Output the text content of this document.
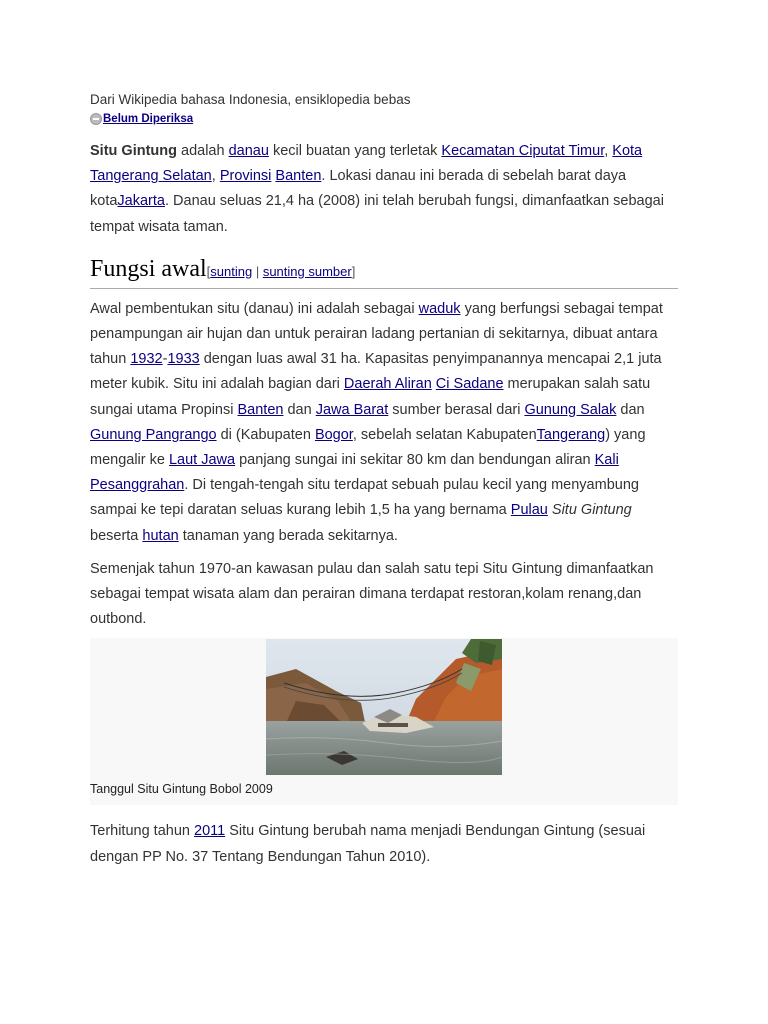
Dari Wikipedia bahasa Indonesia, ensiklopedia bebas
Belum Diperiksa

Situ Gintung adalah danau kecil buatan yang terletak Kecamatan Ciputat Timur, Kota Tangerang Selatan, Provinsi Banten. Lokasi danau ini berada di sebelah barat daya kotaJakarta. Danau seluas 21,4 ha (2008) ini telah berubah fungsi, dimanfaatkan sebagai tempat wisata taman.

Fungsi awal[sunting | sunting sumber]

Awal pembentukan situ (danau) ini adalah sebagai waduk yang berfungsi sebagai tempat penampungan air hujan dan untuk perairan ladang pertanian di sekitarnya, dibuat antara tahun 1932-1933 dengan luas awal 31 ha. Kapasitas penyimpanannya mencapai 2,1 juta meter kubik. Situ ini adalah bagian dari Daerah Aliran Ci Sadane merupakan salah satu sungai utama Propinsi Banten dan Jawa Barat sumber berasal dari Gunung Salak dan Gunung Pangrango di (Kabupaten Bogor, sebelah selatan KabupatenTangerang) yang mengalir ke Laut Jawa panjang sungai ini sekitar 80 km dan bendungan aliran Kali Pesanggrahan. Di tengah-tengah situ terdapat sebuah pulau kecil yang menyambung sampai ke tepi daratan seluas kurang lebih 1,5 ha yang bernama Pulau Situ Gintung beserta hutan tanaman yang berada sekitarnya.

Semenjak tahun 1970-an kawasan pulau dan salah satu tepi Situ Gintung dimanfaatkan sebagai tempat wisata alam dan perairan dimana terdapat restoran,kolam renang,dan outbond.

Tanggul Situ Gintung Bobol 2009

Terhitung tahun 2011 Situ Gintung berubah nama menjadi Bendungan Gintung (sesuai dengan PP No. 37 Tentang Bendungan Tahun 2010).
